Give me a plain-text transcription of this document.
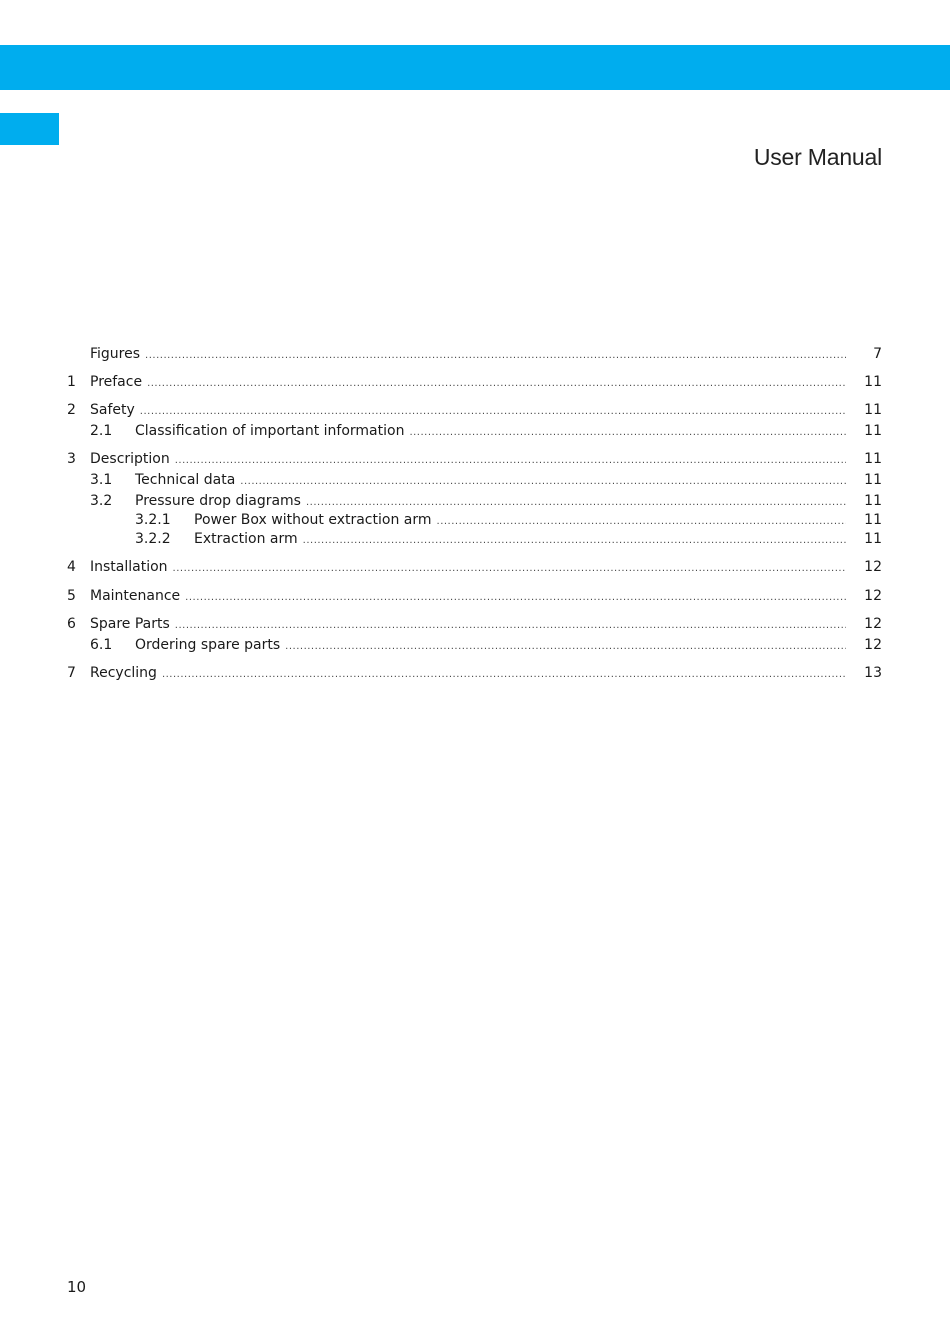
User Manual
Figures .....	7
1 Preface .....	11
2 Safety .....	11
2.1 Classification of important information .....	11
3 Description .....	11
3.1 Technical data .....	11
3.2 Pressure drop diagrams .....	11
3.2.1 Power Box without extraction arm .....	11
3.2.2 Extraction arm .....	11
4 Installation .....	12
5 Maintenance .....	12
6 Spare Parts .....	12
6.1 Ordering spare parts .....	12
7 Recycling .....	13
10
